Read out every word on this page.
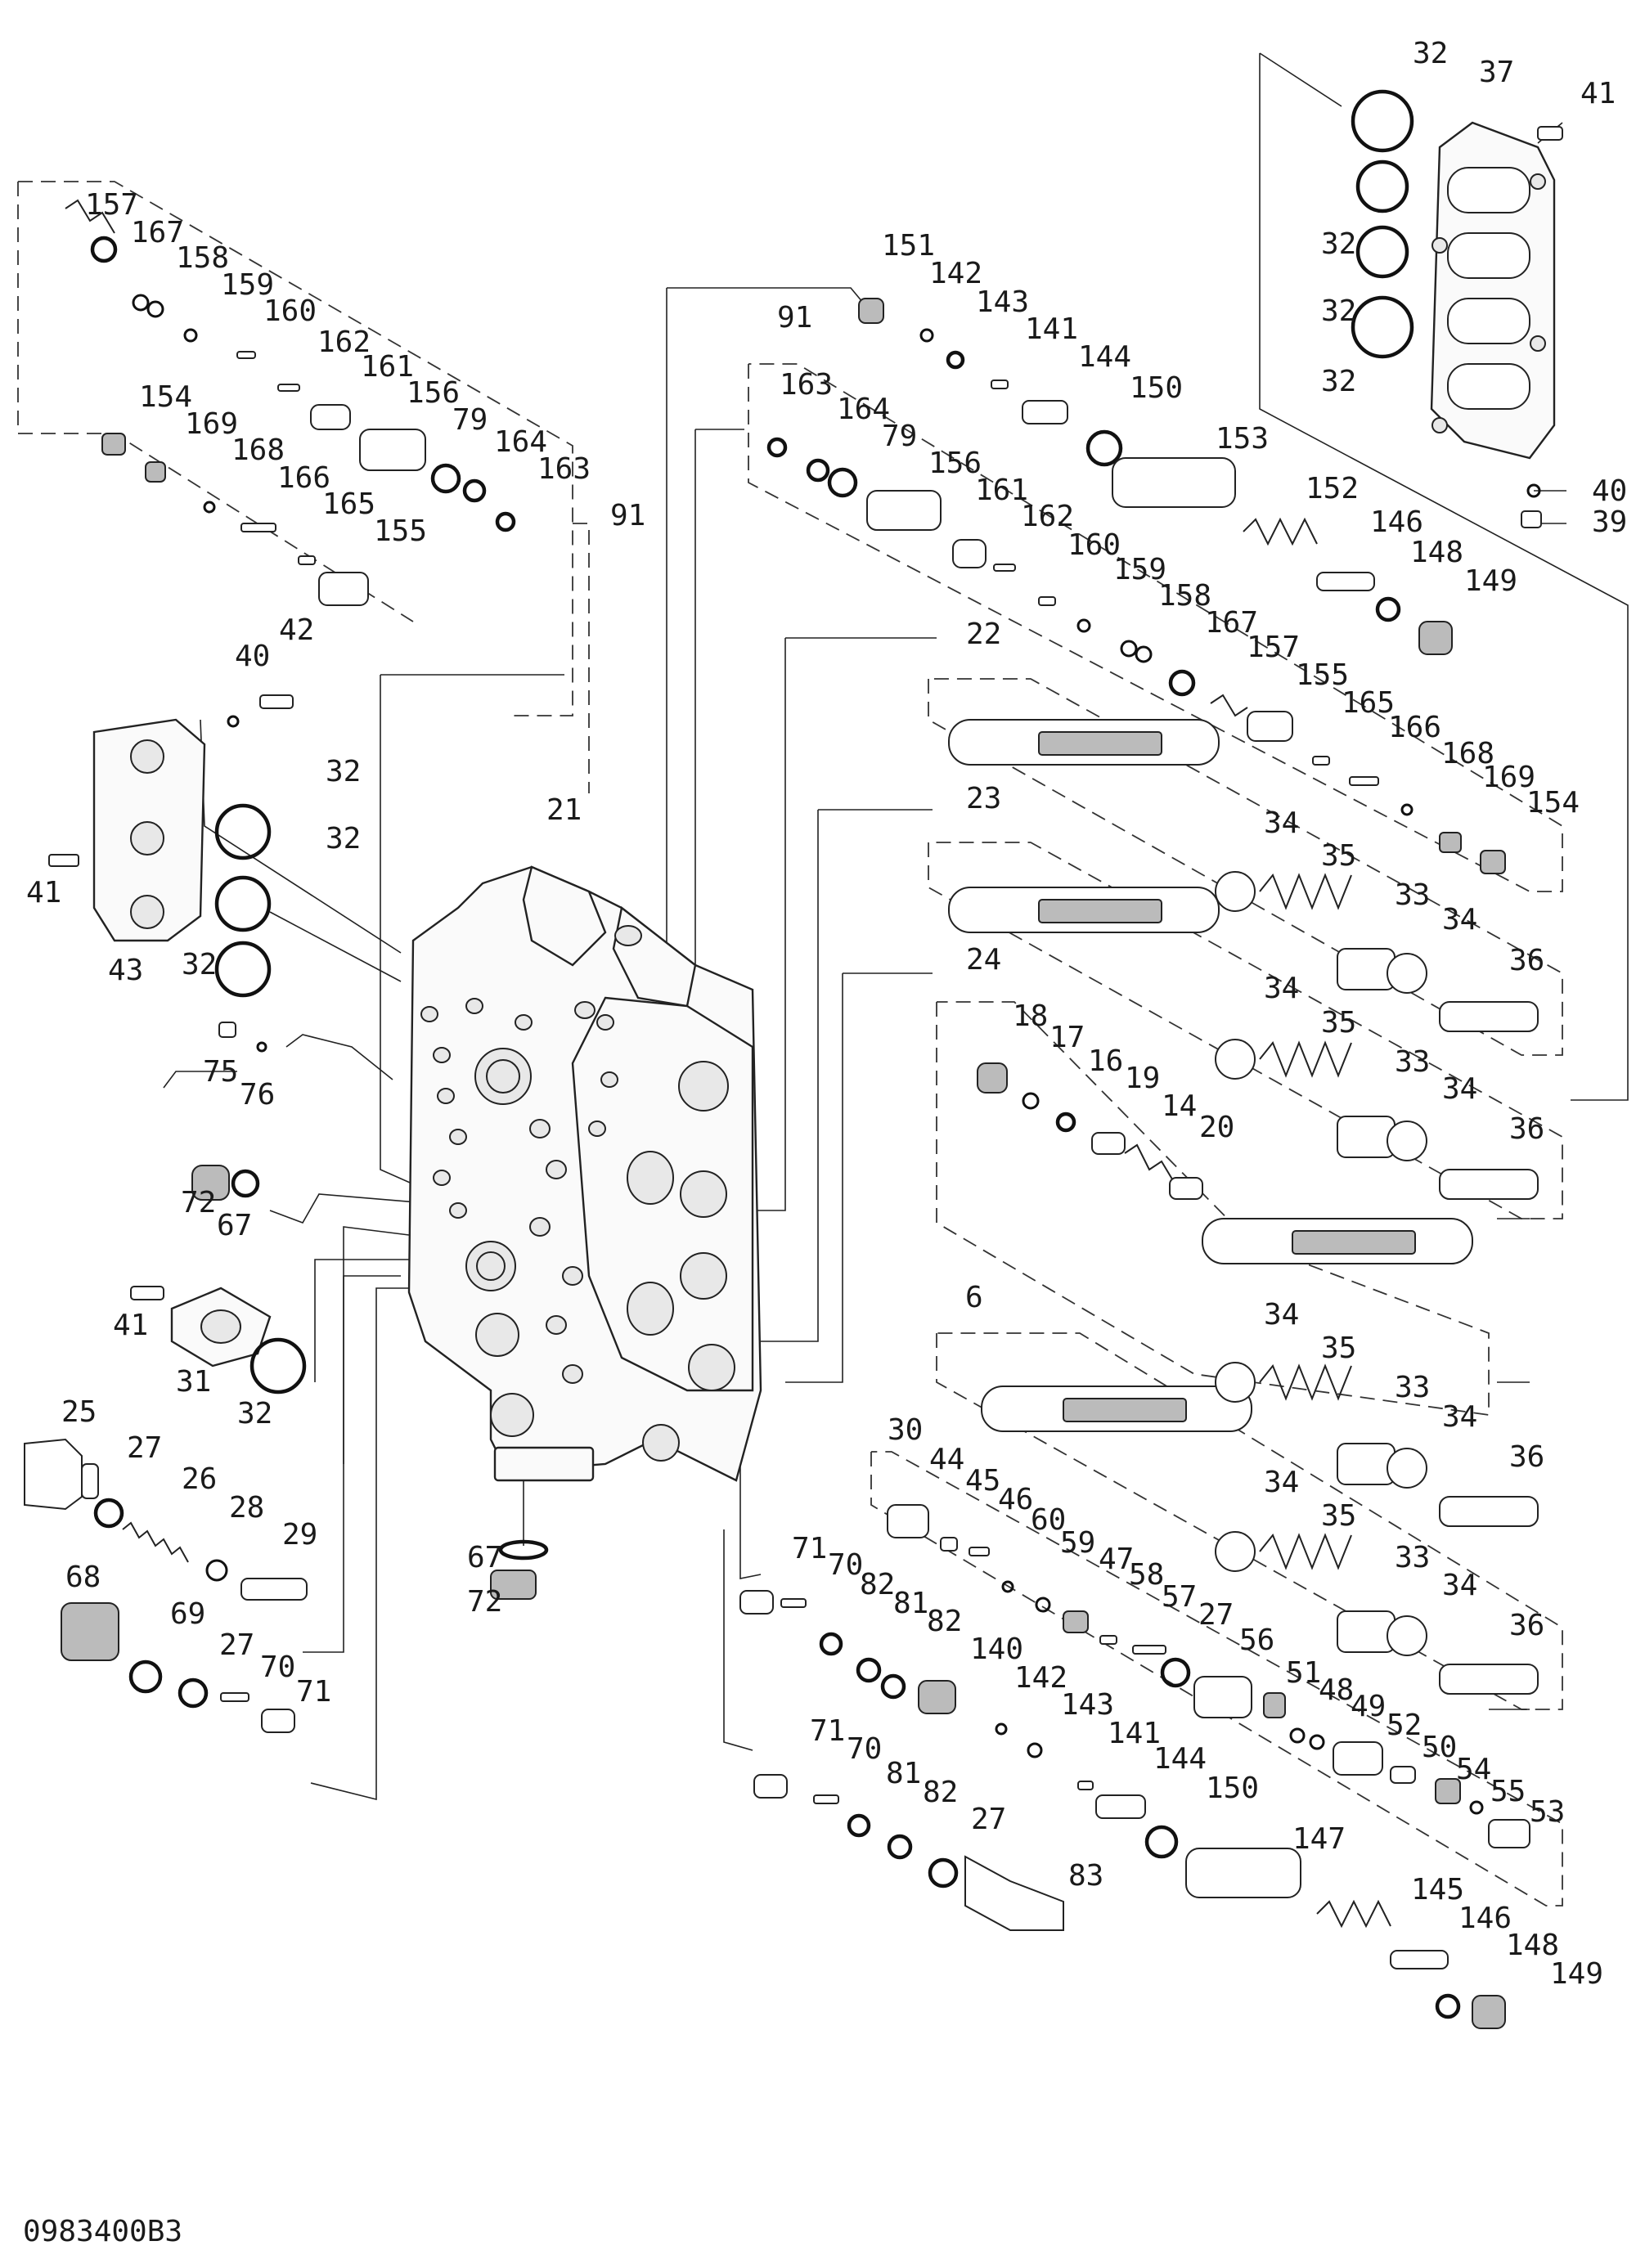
32
37
41
32
32
32
40
39
157
167
158
159
160
162
161
156
79
164
163
91
154
169
168
166
165
155
151
142
143
141
144
150
153
91
163
164
79
156
161
162
160
159
158
167
152
146
148
149
22	157
155
165
166
168
169
154
23
34
35
33
34
36
24
34
35
18
17
16
19
14
20
33
34
36
40
42
32
32
41
43 32
21
75
76
72
67
41
31
32
34
35
33
34
36
6
30
25
27
26
28
29
44
45
46
60
59 47
58
57
27
34
35
33
34
36
67
72
71 70
82
81
82
140	56
51
48
49
52
50
54
55
53
68
69
27
70
71	142
143
141
144
150
147
71
70
81
82
27
83	145
146
148
149
0983400B3
